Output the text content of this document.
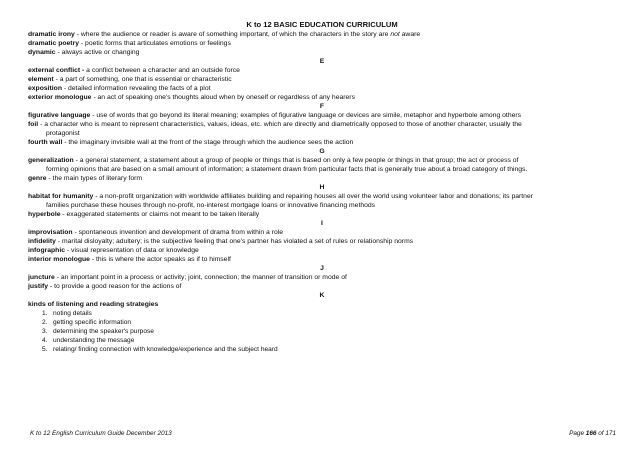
K to 12 BASIC EDUCATION CURRICULUM

dramatic irony - where the audience or reader is aware of something important, of which the characters in the story are not aware

dramatic poetry - poetic forms that articulates emotions or feelings

dynamic - always active or changing

E

external conflict - a conflict between a character and an outside force

element - a part of something, one that is essential or characteristic

exposition - detailed information revealing the facts of a plot

exterior monologue - an act of speaking one's thoughts aloud when by oneself or regardless of any hearers

F

figurative language - use of words that go beyond its literal meaning; examples of figurative language or devices are simile, metaphor and hyperbole among others

foil - a character who is meant to represent characteristics, values, ideas, etc. which are directly and diametrically opposed to those of another character, usually the
protagonist

fourth wall - the imaginary invisible wall at the front of the stage through which the audience sees the action

G

generalization - a general statement, a statement about a group of people or things that is based on only a few people or things in that group; the act or process of
forming opinions that are based on a small amount of information; a statement drawn from particular facts that is generally true about a broad category of things.

genre - the main types of literary form

H

habitat for humanity - a non-profit organization with worldwide affiliates building and repairing houses all over the world using volunteer labor and donations; its partner
families purchase these houses through no-profit, no-interest mortgage loans or innovative financing methods

hyperbole - exaggerated statements or claims not meant to be taken literally

I

improvisation - spontaneous invention and development of drama from within a role

infidelity - marital disloyalty; adultery; is the subjective feeling that one's partner has violated a set of rules or relationship norms

infographic - visual representation of data or knowledge

interior monologue - this is where the actor speaks as if to himself

J

juncture - an important point in a process or activity; joint, connection; the manner of transition or mode of

justify - to provide a good reason for the actions of

K

kinds of listening and reading strategies

1. noting details
2. getting specific information
3. determining the speaker's purpose
4. understanding the message
5. relating/ finding connection with knowledge/experience and the subject heard
K to 12 English Curriculum Guide December 2013	Page 166 of 171
